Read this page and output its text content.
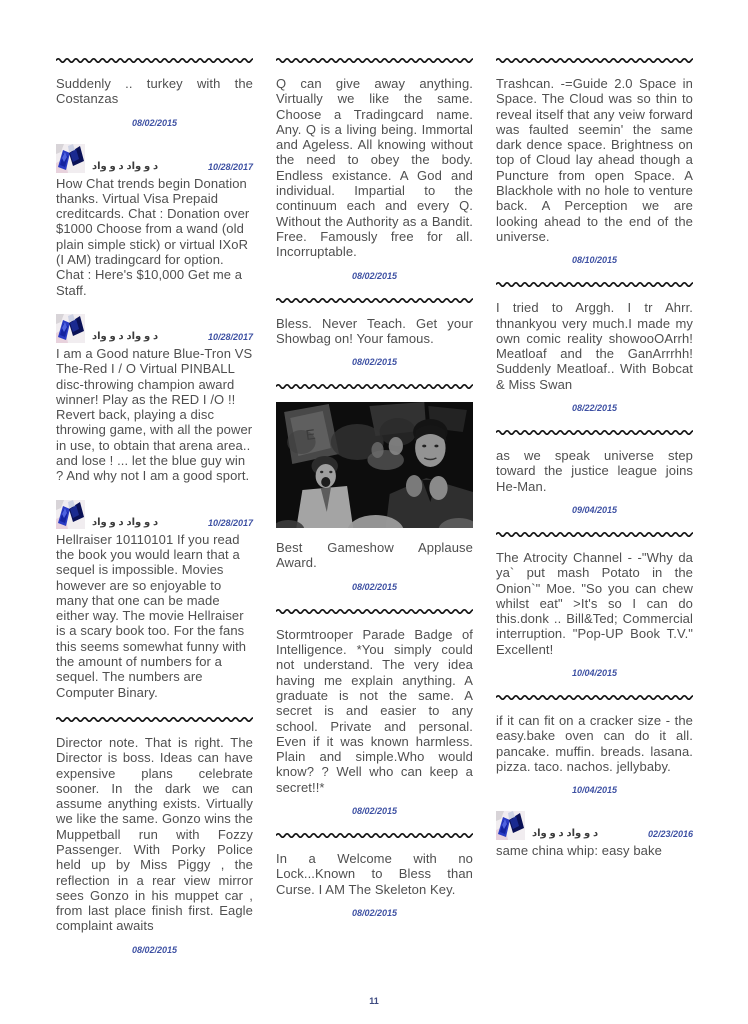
Suddenly .. turkey with the Costanzas

08/02/2015
د و واد د و واد	10/28/2017

How Chat trends begin Donation thanks. Virtual Visa Prepaid creditcards. Chat : Donation over $1000 Choose from a wand (old plain simple stick) or virtual IXoR (I AM) tradingcard for option. Chat : Here's $10,000 Get me a Staff.

د و واد د و واد	10/28/2017

I am a Good nature Blue-Tron VS The-Red I / O Virtual PINBALL disc-throwing champion award winner! Play as the RED I /O !! Revert back, playing a disc throwing game, with all the power in use, to obtain that arena area.. and lose ! ... let the blue guy win ? And why not I am a good sport.

د و واد د و واد	10/28/2017

Hellraiser 10110101 If you read the book you would learn that a sequel is impossible. Movies however are so enjoyable to many that one can be made either way. The movie Hellraiser is a scary book too. For the fans this seems somewhat funny with the amount of numbers for a sequel. The numbers are Computer Binary.

Director note. That is right. The Director is boss. Ideas can have expensive plans celebrate sooner. In the dark we can assume anything exists. Virtually we like the same. Gonzo wins the Muppetball run with Fozzy Passenger. With Porky Police held up by Miss Piggy , the reflection in a rear view mirror sees Gonzo in his muppet car , from last place finish first. Eagle complaint awaits

08/02/2015

Q can give away anything. Virtually we like the same. Choose a Tradingcard name. Any. Q is a living being. Immortal and Ageless. All knowing without the need to obey the body. Endless existance. A God and individual. Impartial to the continuum each and every Q. Without the Authority as a Bandit. Free. Famously free for all. Incorruptable.

08/02/2015

Bless. Never Teach. Get your Showbag on! Your famous.

08/02/2015

Best Gameshow Applause Award.

08/02/2015

Stormtrooper Parade Badge of Intelligence. *You simply could not understand. The very idea having me explain anything. A graduate is not the same. A secret is and easier to any school. Private and personal. Even if it was known harmless. Plain and simple.Who would know? ? Well who can keep a secret!!*

08/02/2015

In a Welcome with no Lock...Known to Bless than Curse. I AM The Skeleton Key.

08/02/2015

Trashcan. -=Guide 2.0 Space in Space. The Cloud was so thin to reveal itself that any veiw forward was faulted seemin' the same dark dence space. Brightness on top of Cloud lay ahead though a Puncture from open Space. A Blackhole with no hole to venture back. A Perception we are looking ahead to the end of the universe.

08/10/2015

I tried to Arggh. I tr Ahrr. thnankyou very much.I made my own comic reality showooOArrh! Meatloaf and the GanArrrhh! Suddenly Meatloaf.. With Bobcat & Miss Swan

08/22/2015

as we speak universe step toward the justice league joins He-Man.

09/04/2015

The Atrocity Channel - -"Why da ya` put mash Potato in the Onion`" Moe. "So you can chew whilst eat" >It's so I can do this.donk .. Bill&Ted; Commercial interruption. "Pop-UP Book T.V." Excellent!

10/04/2015

if it can fit on a cracker size - the easy.bake oven can do it all. pancake. muffin. breads. lasana. pizza. taco. nachos. jellybaby.

10/04/2015
د و واد د و واد	02/23/2016

same china whip: easy bake

11
